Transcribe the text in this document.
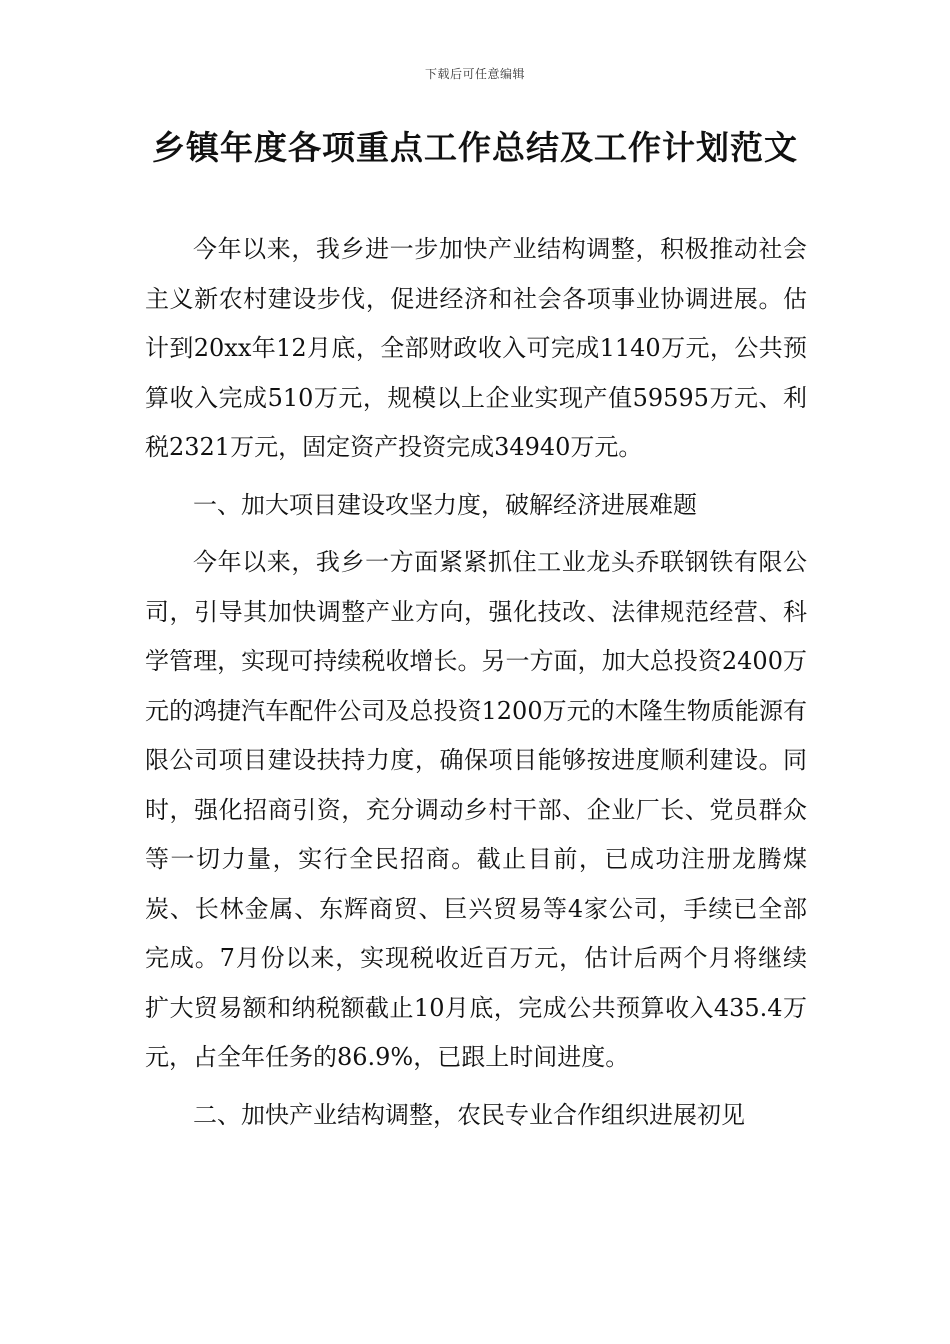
下载后可任意编辑
乡镇年度各项重点工作总结及工作计划范文

今年以来，我乡进一步加快产业结构调整，积极推动社会主义新农村建设步伐，促进经济和社会各项事业协调进展。估计到20xx年12月底，全部财政收入可完成1140万元，公共预算收入完成510万元，规模以上企业实现产值59595万元、利税2321万元，固定资产投资完成34940万元。

一、加大项目建设攻坚力度，破解经济进展难题

今年以来，我乡一方面紧紧抓住工业龙头乔联钢铁有限公司，引导其加快调整产业方向，强化技改、法律规范经营、科学管理，实现可持续税收增长。另一方面，加大总投资2400万元的鸿捷汽车配件公司及总投资1200万元的木隆生物质能源有限公司项目建设扶持力度，确保项目能够按进度顺利建设。同时，强化招商引资，充分调动乡村干部、企业厂长、党员群众等一切力量，实行全民招商。截止目前，已成功注册龙腾煤炭、长林金属、东辉商贸、巨兴贸易等4家公司，手续已全部完成。7月份以来，实现税收近百万元，估计后两个月将继续扩大贸易额和纳税额截止10月底，完成公共预算收入435.4万元，占全年任务的86.9%，已跟上时间进度。

二、加快产业结构调整，农民专业合作组织进展初见
